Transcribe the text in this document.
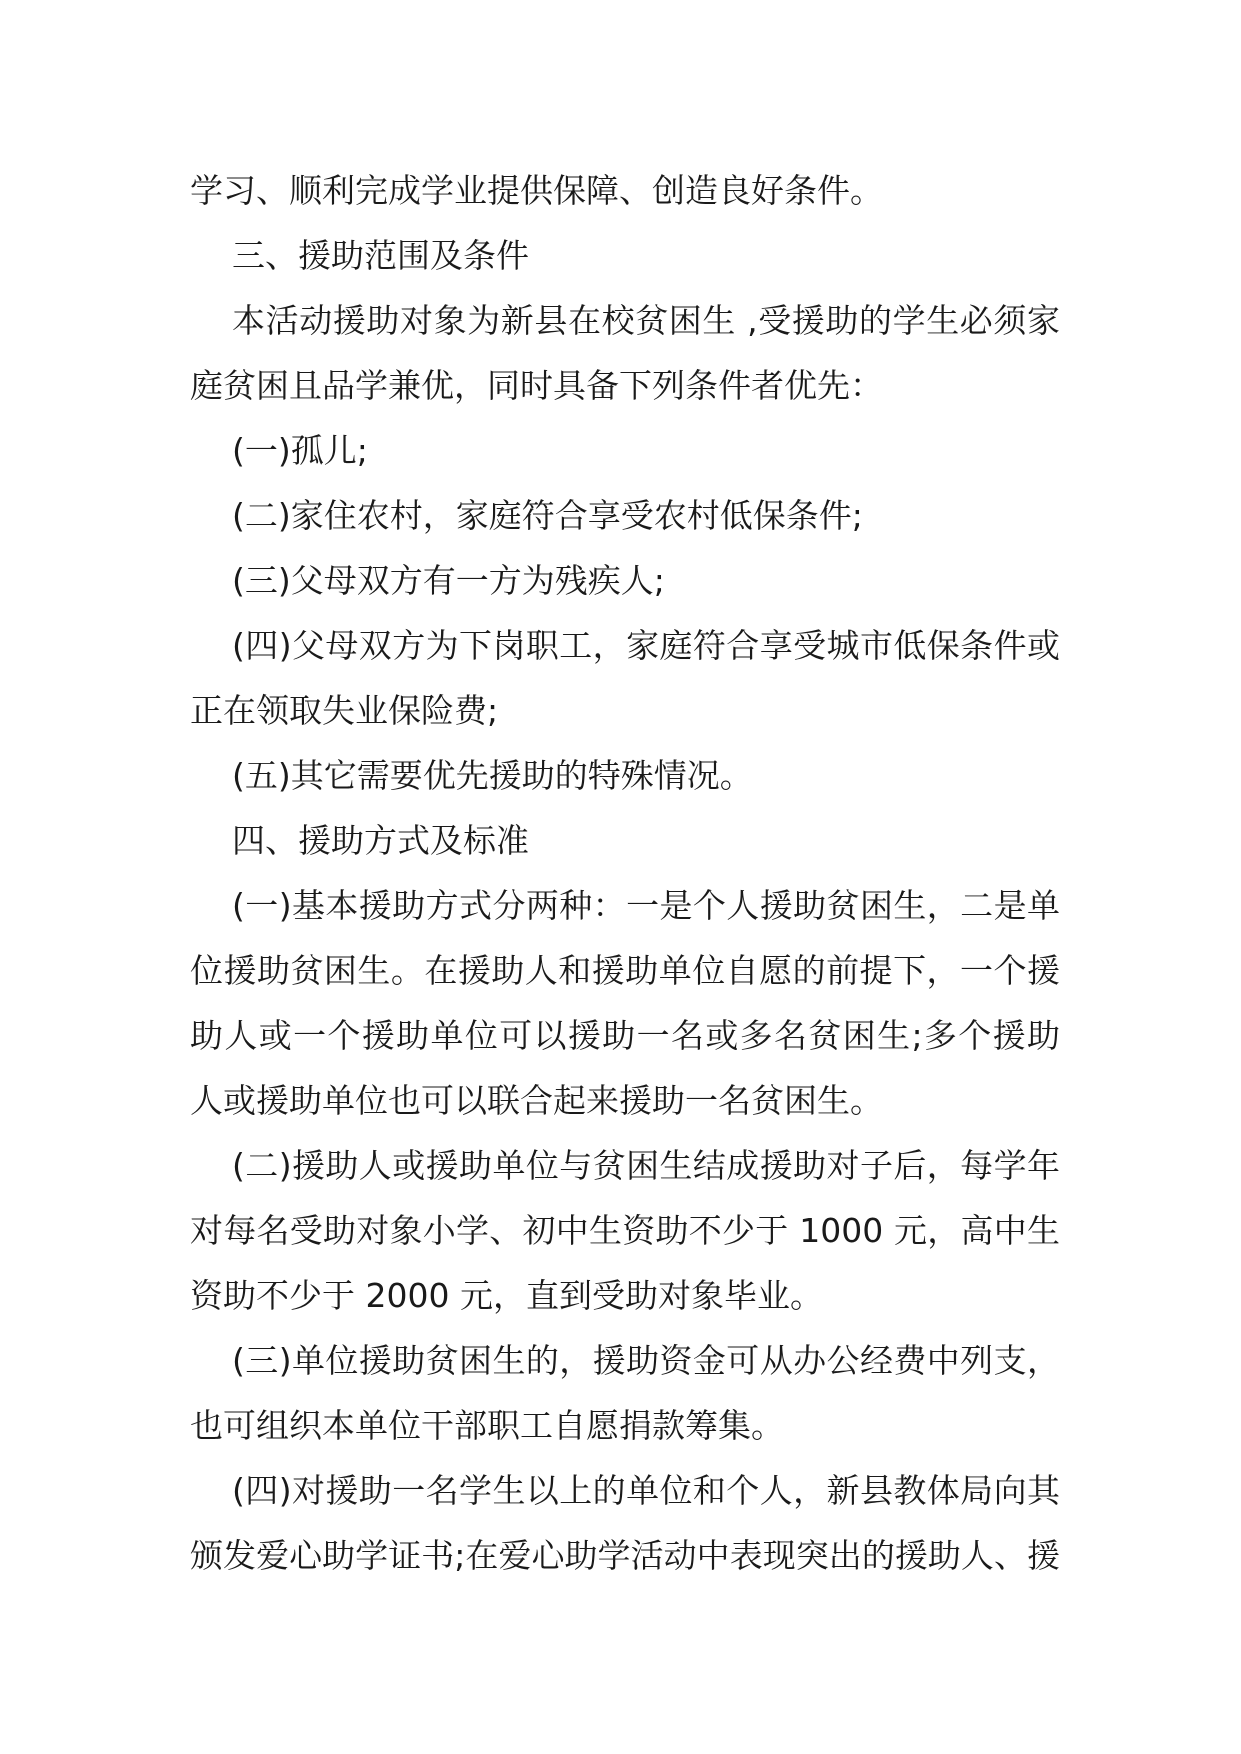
学习、顺利完成学业提供保障、创造良好条件。
三、援助范围及条件
本活动援助对象为新县在校贫困生 ,受援助的学生必须家
庭贫困且品学兼优，同时具备下列条件者优先：
(一)孤儿;
(二)家住农村，家庭符合享受农村低保条件;
(三)父母双方有一方为残疾人;
(四)父母双方为下岗职工，家庭符合享受城市低保条件或
正在领取失业保险费;
(五)其它需要优先援助的特殊情况。
四、援助方式及标准
(一)基本援助方式分两种：一是个人援助贫困生，二是单
位援助贫困生。在援助人和援助单位自愿的前提下，一个援
助人或一个援助单位可以援助一名或多名贫困生;多个援助
人或援助单位也可以联合起来援助一名贫困生。
(二)援助人或援助单位与贫困生结成援助对子后，每学年
对每名受助对象小学、初中生资助不少于 1000 元，高中生
资助不少于 2000 元，直到受助对象毕业。
(三)单位援助贫困生的，援助资金可从办公经费中列支，
也可组织本单位干部职工自愿捐款筹集。
(四)对援助一名学生以上的单位和个人，新县教体局向其
颁发爱心助学证书;在爱心助学活动中表现突出的援助人、援
